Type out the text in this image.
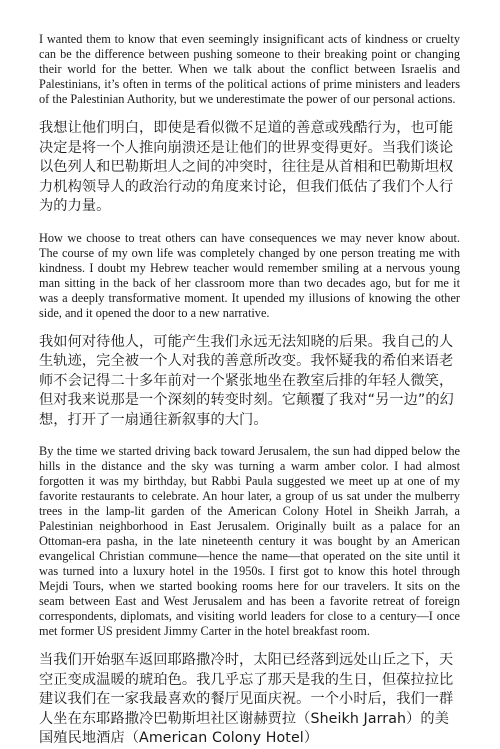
I wanted them to know that even seemingly insignificant acts of kindness or cruelty can be the difference between pushing someone to their breaking point or changing their world for the better. When we talk about the conflict between Israelis and Palestinians, it’s often in terms of the political actions of prime ministers and leaders of the Palestinian Authority, but we underestimate the power of our personal actions.

我想让他们明白，即使是看似微不足道的善意或残酷行为，也可能决定是将一个人推向崩溃还是让他们的世界变得更好。当我们谈论以色列人和巴勒斯坦人之间的冲突时，往往是从首相和巴勒斯坦权力机构领导人的政治行动的角度来讨论，但我们低估了我们个人行为的力量。

How we choose to treat others can have consequences we may never know about. The course of my own life was completely changed by one person treating me with kindness. I doubt my Hebrew teacher would remember smiling at a nervous young man sitting in the back of her classroom more than two decades ago, but for me it was a deeply transformative moment. It upended my illusions of knowing the other side, and it opened the door to a new narrative.

我如何对待他人，可能产生我们永远无法知晓的后果。我自己的人生轨迹，完全被一个人对我的善意所改变。我怀疑我的希伯来语老师不会记得二十多年前对一个紧张地坐在教室后排的年轻人微笑，但对我来说那是一个深刻的转变时刻。它颠覆了我对“另一边”的幻想，打开了一扇通往新叙事的大门。

By the time we started driving back toward Jerusalem, the sun had dipped below the hills in the distance and the sky was turning a warm amber color. I had almost forgotten it was my birthday, but Rabbi Paula suggested we meet up at one of my favorite restaurants to celebrate. An hour later, a group of us sat under the mulberry trees in the lamp-lit garden of the American Colony Hotel in Sheikh Jarrah, a Palestinian neighborhood in East Jerusalem. Originally built as a palace for an Ottoman-era pasha, in the late nineteenth century it was bought by an American evangelical Christian commune—hence the name—that operated on the site until it was turned into a luxury hotel in the 1950s. I first got to know this hotel through Mejdi Tours, when we started booking rooms here for our travelers. It sits on the seam between East and West Jerusalem and has been a favorite retreat of foreign correspondents, diplomats, and visiting world leaders for close to a century—I once met former US president Jimmy Carter in the hotel breakfast room.

当我们开始驱车返回耶路撒冷时，太阳已经落到远处山丘之下，天空正变成温暖的琥珀色。我几乎忘了那天是我的生日，但葆拉拉比建议我们在一家我最喜欢的餐厅见面庆祝。一个小时后，我们一群人坐在东耶路撒冷巴勒斯坦社区谢赫贾拉（Sheikh Jarrah）的美国殖民地酒店（American Colony Hotel）
